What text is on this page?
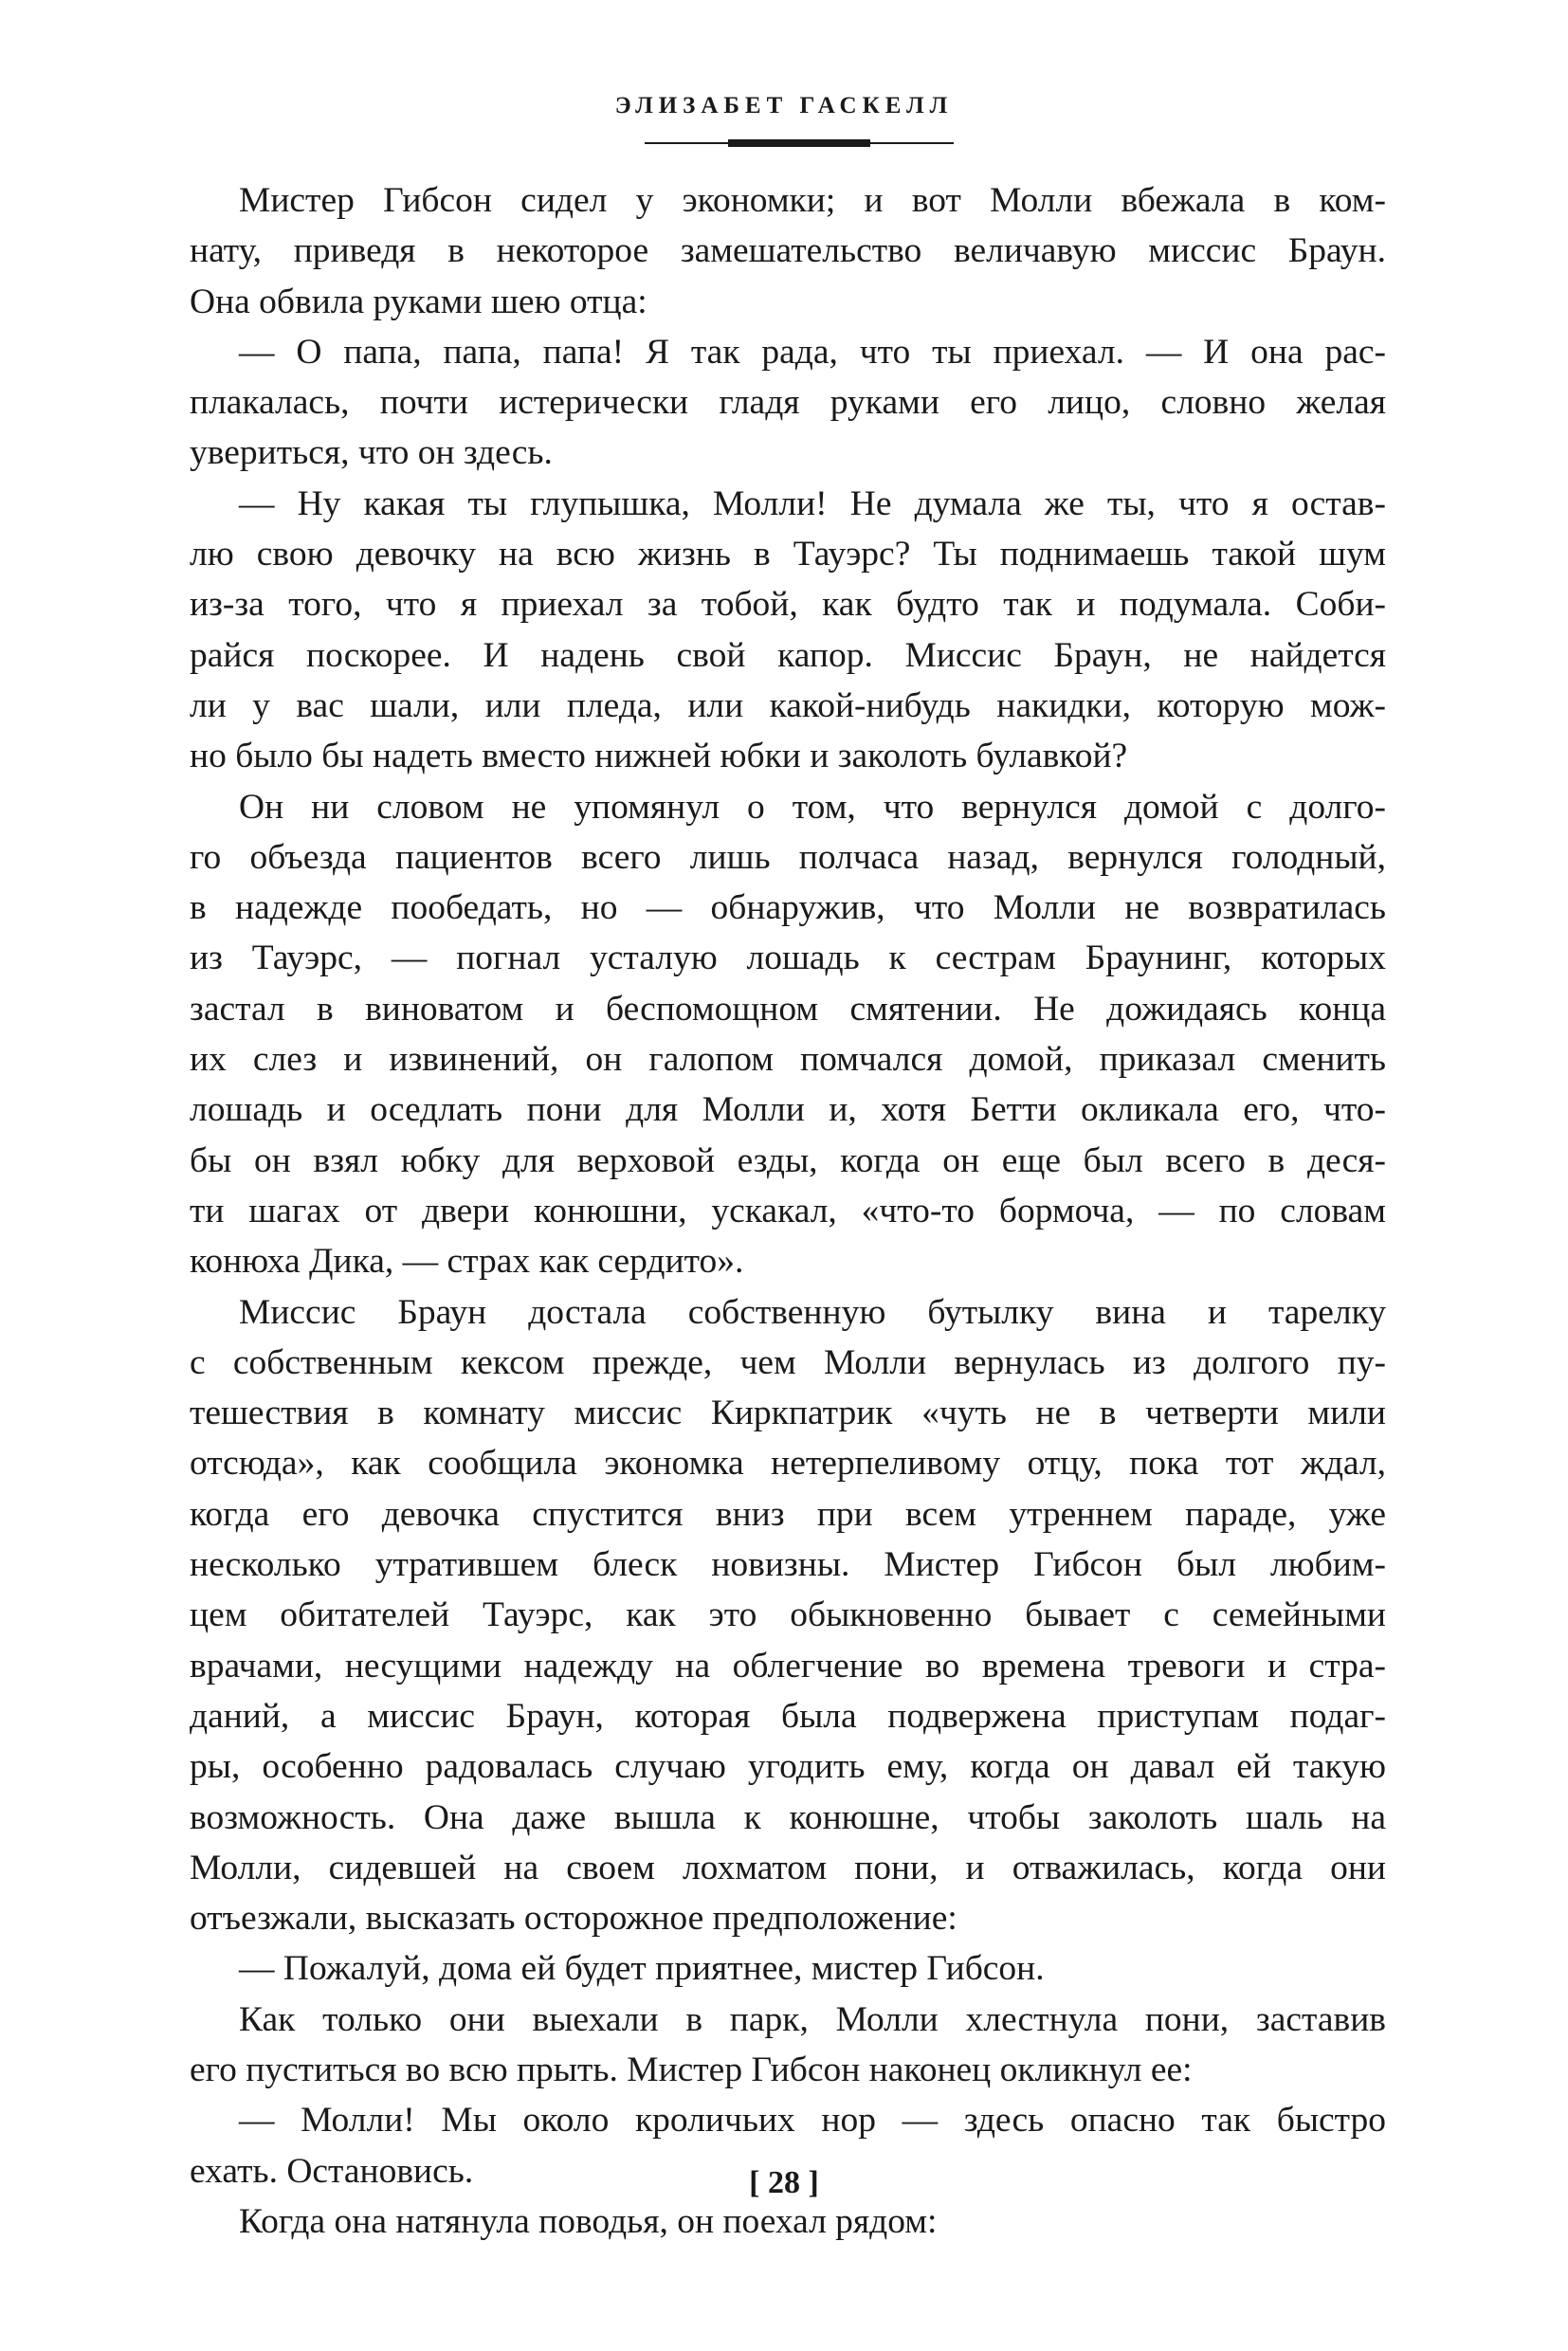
ЭЛИЗАБЕТ ГАСКЕЛЛ

Мистер Гибсон сидел у экономки; и вот Молли вбежала в ком-
нату, приведя в некоторое замешательство величавую миссис Браун.
Она обвила руками шею отца:

— О папа, папа, папа! Я так рада, что ты приехал. — И она рас-
плакалась, почти истерически гладя руками его лицо, словно желая
увериться, что он здесь.

— Ну какая ты глупышка, Молли! Не думала же ты, что я остав-
лю свою девочку на всю жизнь в Тауэрс? Ты поднимаешь такой шум
из-за того, что я приехал за тобой, как будто так и подумала. Соби-
райся поскорее. И надень свой капор. Миссис Браун, не найдется
ли у вас шали, или пледа, или какой-нибудь накидки, которую мож-
но было бы надеть вместо нижней юбки и заколоть булавкой?

Он ни словом не упомянул о том, что вернулся домой с долго-
го объезда пациентов всего лишь полчаса назад, вернулся голодный,
в надежде пообедать, но — обнаружив, что Молли не возвратилась
из Тауэрс, — погнал усталую лошадь к сестрам Браунинг, которых
застал в виноватом и беспомощном смятении. Не дожидаясь конца
их слез и извинений, он галопом помчался домой, приказал сменить
лошадь и оседлать пони для Молли и, хотя Бетти окликала его, что-
бы он взял юбку для верховой езды, когда он еще был всего в деся-
ти шагах от двери конюшни, ускакал, «что-то бормоча, — по словам
конюха Дика, — страх как сердито».

Миссис Браун достала собственную бутылку вина и тарелку
с собственным кексом прежде, чем Молли вернулась из долгого пу-
тешествия в комнату миссис Киркпатрик «чуть не в четверти мили
отсюда», как сообщила экономка нетерпеливому отцу, пока тот ждал,
когда его девочка спустится вниз при всем утреннем параде, уже
несколько утратившем блеск новизны. Мистер Гибсон был любим-
цем обитателей Тауэрс, как это обыкновенно бывает с семейными
врачами, несущими надежду на облегчение во времена тревоги и стра-
даний, а миссис Браун, которая была подвержена приступам подаг-
ры, особенно радовалась случаю угодить ему, когда он давал ей такую
возможность. Она даже вышла к конюшне, чтобы заколоть шаль на
Молли, сидевшей на своем лохматом пони, и отважилась, когда они
отъезжали, высказать осторожное предположение:

— Пожалуй, дома ей будет приятнее, мистер Гибсон.

Как только они выехали в парк, Молли хлестнула пони, заставив
его пуститься во всю прыть. Мистер Гибсон наконец окликнул ее:

— Молли! Мы около кроличьих нор — здесь опасно так быстро
ехать. Остановись.

Когда она натянула поводья, он поехал рядом:

[ 28 ]
